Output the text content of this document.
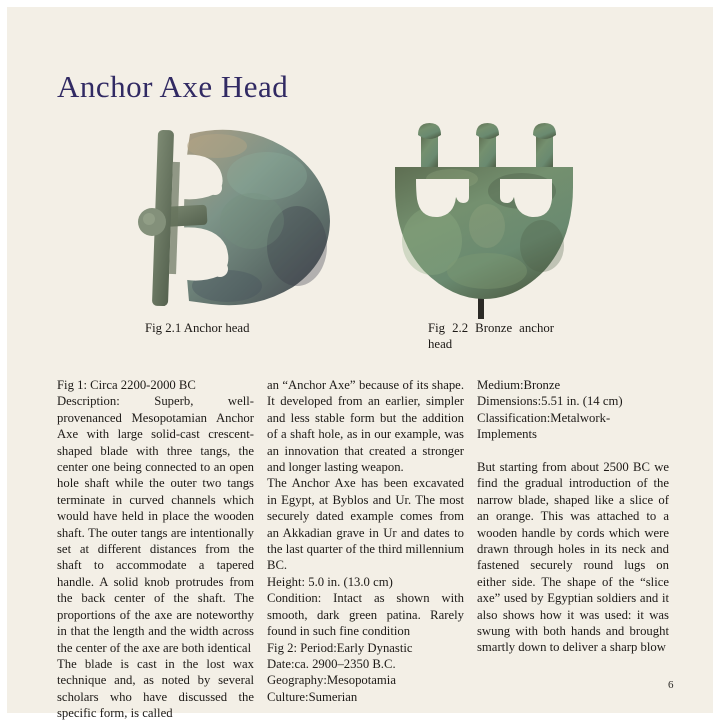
Anchor Axe Head
Fig 2.1 Anchor head	Fig 2.2 Bronze anchor head

Fig 1: Circa 2200-2000 BC

Description: Superb, well-provenanced Mesopotamian Anchor Axe with large solid-cast crescent-shaped blade with three tangs, the center one being connected to an open hole shaft while the outer two tangs terminate in curved channels which would have held in place the wooden shaft. The outer tangs are intentionally set at different distances from the shaft to accommodate a tapered handle. A solid knob protrudes from the back center of the shaft. The proportions of the axe are noteworthy in that the length and the width across the center of the axe are both identical

The blade is cast in the lost wax technique and, as noted by several scholars who have discussed the specific form, is called

an “Anchor Axe” because of its shape. It developed from an earlier, simpler and less stable form but the addition of a shaft hole, as in our example, was an innovation that created a stronger and longer lasting weapon.

The Anchor Axe has been excavated in Egypt, at Byblos and Ur. The most securely dated example comes from an Akkadian grave in Ur and dates to the last quarter of the third millennium BC.

Height: 5.0 in. (13.0 cm)

Condition: Intact as shown with smooth, dark green patina. Rarely found in such fine condition

Fig 2: Period:Early Dynastic

Date:ca. 2900–2350 B.C.

Geography:Mesopotamia

Culture:Sumerian

Medium:Bronze

Dimensions:5.51 in. (14 cm)

Classification:Metalwork-Implements

But starting from about 2500 BC we find the gradual introduction of the narrow blade, shaped like a slice of an orange. This was attached to a wooden handle by cords which were drawn through holes in its neck and fastened securely round lugs on either side. The shape of the “slice axe” used by Egyptian soldiers and it also shows how it was used: it was swung with both hands and brought smartly down to deliver a sharp blow

6
